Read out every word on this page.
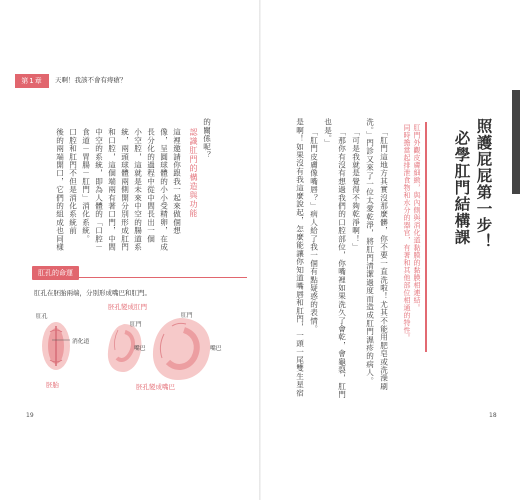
第1章	天啊！我該不會有痔瘡？
的關係呢？
認識肛門的構造與功能
這裡邀請你跟我一起來做個想
像，呈圓球體的小小受精卵，在成
長分化的過程中從中間長出一個
小空腔，這就是未來中空的腸道系
統，兩頭球體兩側開分別形成肛門
和口腔，這個端兩有著口門，中間
中空的系統，即為人體的「口腔－
食道－胃腸－肛門」消化系統。
口腔和肛門不但是消化系統前
後的兩端開口，它們的組成也同樣
肛孔的命運
肛孔在胚胎兩端，分別形成嘴巴和肛門。
肛孔
消化道
胚胎
肛門
嘴巴
胚孔變成肛門
肛門
嘴巴
胚孔變成嘴巴
19
照護屁屁第一步！
必學肛門結構課
肛門外觀皮膚細緻，與內側與消化道黏膜的黏膜相連結。
同時擔當起排泄食物和水分的器官，有著和其他部位相通的特性。
「肛門這地方其實沒那麼髒，你不要一直洗啦！尤其不能用肥皂或洗澡刷
洗。」門診又來了一位太愛乾淨，將肛門清潔過度而造成肛門濕疹的病人。
「可是我就是覺得不夠乾淨啊！」
「那你有沒有想過我們的口腔部位，你嘴裡如果洗久了會乾，會龜裂，肛門
也是。」
「肛門皮膚像嘴唇？」病人給了我一個有點疑惑的表情。
是啊！如果沒有我這麼說起，怎麼能讓你知道嘴唇和肛門，一頭一尾雙生星宿
18
